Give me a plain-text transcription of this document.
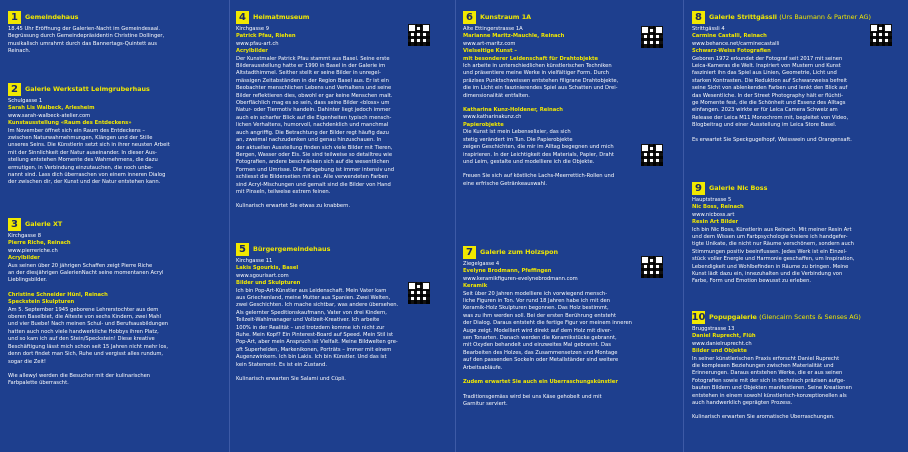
1	Gemeindehaus
18.45 Uhr Eröffnung der Galerien-Nacht im Gemeindesaal.
Begrüssung durch Gemeindepräsidentin Christine Dollinger,
musikalisch umrahmt durch das Bannertags-Quintett aus
Reinach.
2	Galerie Werkstatt Leimgruberhaus
Schulgasse 1
Sarah Lis Walbeck, Arlesheim
www.sarah-walbeck-atelier.com
Kunstausstellung «Raum des Entdeckens»
Im November öffnet sich ein Raum des Entdeckens –
zwischen Naturwahrnehmungen, Klängen und der Stille
unseres Seins. Die Künstlerin setzt sich in ihrer neusten Arbeit
mit der Sinnlichkeit der Natur auseinander. In dieser Aus-
stellung entstehen Momente des Wahrnehmens, die dazu
ermutigen, in Verbindung einzutauchen, die noch unbe-
nannt sind. Lass dich überraschen von einem inneren Dialog
der zwischen dir, der Kunst und der Natur entstehen kann.
3	Galerie XT
Kirchgasse 8
Pierre Riche, Reinach
www.pierreriche.ch
Acrylbilder
Aus seinen über 20 jährigen Schaffen zeigt Pierre Riche
an der diesjährigen GalerienNacht seine momentanen Acryl
Lieblingsbilder.
Christine Schneider Hünl, Reinach
Speckstein Skulpturen
Am 5. September 1945 geborene Lehrerstochter aus dem
oberen Baselbiet, die Älteste von sechs Kindern, zwei Mahl
und vier Buebe! Nach meinen Schul- und Berufsausbildungen
hatten auch noch viele handwerkliche Hobbys ihren Platz,
und so kam ich auf den Stein/Speckstein! Diese kreative
Beschäftigung lässt mich schon seit 15 Jahren nicht mehr los,
denn dort findet man Sich, Ruhe und vergisst alles rundum,
sogar die Zeit!
Wie allewyl werden die Besucher mit der kulinarischen
Farbpalette überrascht.
4	Heimatmuseum
Kirchgasse 9
Patrick Pfau, Riehen
www.pfau-art.ch
Acrylbilder
Der Kunstmaler Patrick Pfau stammt aus Basel. Seine erste
Bilderausstellung hatte er 1990 in Basel in der Galerie im
Altstadthimmel. Seither stellt er seine Bilder in unregel-
mässigen Zeitabständen in der Region Basel aus. Er ist ein
Beobachter menschlichen Lebens und Verhaltens und seine
Bilder reflektieren dies, obwohl er gar keine Menschen malt.
Oberflächlich mag es so sein, dass seine Bilder «bloss» um
Natur- oder Tiermotiv handeln. Dahinter liegt jedoch immer
auch ein scharfer Blick auf die Eigenheiten typisch mensch-
lichen Verhaltens, humorvoll, nachdenklich und manchmal
auch angriffig. Die Betrachtung der Bilder regt häufig dazu
an, zweimal nachzudenken und genau hinzuschauen. In
der aktuellen Ausstellung finden sich viele Bilder mit Tieren,
Bergen, Wasser oder Eis. Sie sind teilweise so detailtreu wie
Fotografien, andere beschränken sich auf die wesentlichen
Formen und Umrisse. Die Farbgebung ist immer intensiv und
schliesst die Bildersetien mit ein. Alle verwendeten Farben
sind Acryl-Mischungen und gemalt sind die Bilder von Hand
mit Pinseln, teilweise extrem feinen.
Kulinarisch erwartet Sie etwas zu knabbern.
5	Bürgergemeindehaus
Kirchgasse 11
Lakis Sgourkis, Basel
www.sgourisart.com
Bilder und Skulpturen
Ich bin Pop-Art-Künstler aus Leidenschaft. Mein Vater kam
aus Griechenland, meine Mutter aus Spanien. Zwei Welten,
zwei Geschichten. Ich mache sichtbar, was andere übersehen.
Als gelernter Speditionskaufmann, Vater von drei Kindern,
Teilzeit-Wahlmanager und Vollzeit-Kreativer. Ich arbeite
100% in der Realität – und trotzdem komme ich nicht zur
Ruhe. Mein Kopf? Ein Pinterest-Board auf Speed. Mein Stil ist
Pop-Art, aber mein Anspruch ist Vielfalt. Meine Bildwelten gre-
oft Superhelden, Markenikonen, Porträts – immer mit einem
Augenzwinkern. Ich bin Lakis. Ich bin Künstler. Und das ist
kein Statement. Es ist ein Zustand.
Kulinarisch erwarten Sie Salami und Cüpli.
6	Kunstraum 1A
Alte Ettingerstrasse 1A
Marianne Maritz-Mauchle, Reinach
www.art-maritz.com
Vielseitige Kunst –
mit besonderer Leidenschaft für Drahtobjekte
Ich arbeite in unterschiedlichen künstlerischen Techniken
und präsentiere meine Werke in vielfältiger Form. Durch
präzises Punktschweissen entstehen filigrane Drahtobjekte,
die im Licht ein faszinierendes Spiel aus Schatten und Drei-
dimensionalität entfalten.
Katharina Kunz-Holdener, Reinach
www.katharinakunz.ch
Papierobjekte
Die Kunst ist mein Lebenselixier, das sich
stetig verändert im Tun. Die Papierobjekte
zeigen Geschichten, die mir im Alltag begegnen und mich
inspirieren. In der Leichtigkeit des Materials, Papier, Draht
und Leim, gestalte und modelliere ich die Objekte.
Freuen Sie sich auf köstliche Lachs-Meerrettich-Rollen und
eine erfrische Getränkeauswahl.
7	Galerie zum Holzspon
Ziegelgasse 4
Evelyne Brodmann, Pfeffingen
www.keramikfiguren-evelynebrodmann.com
Keramik
Seit über 20 Jahren modelliere ich vorwiegend mensch-
liche Figuren in Ton. Vor rund 18 Jahren habe ich mit den
Keramik-Holz Skulpturen begonnen. Das Holz bestimmt,
was zu ihm werden soll. Bei der ersten Berührung entsteht
der Dialog. Daraus entsteht die fertige Figur vor meinem inneren
Auge zeigt. Modelliert wird direkt auf dem Holz mit diver-
sen Tonarten. Danach werden die Keramikstücke gebrannt,
mit Oxyden behandelt und einzweites Mal gebrannt. Das
Bearbeiten des Holzes, das Zusammensetzen und Montage
auf den passenden Sockeln oder Metallständer sind weitere
Arbeitsabläufe.
Zudem erwartet Sie auch ein Überraschungskünstler
Traditionsgemäss wird bei uns Käse gehobelt und mit
Garnitur serviert.
8	Galerie Strittgässli (Urs Baumann & Partner AG)
Strittgässli 4
Carmine Castalli, Reinach
www.behance.net/carminecastalli
Schwarz-Weiss Fotografien
Geboren 1972 erkundet der Fotograf seit 2017 mit seinen
Leica-Kameras die Welt. Inspiriert von Mustern und Kunst
fasziniert ihn das Spiel aus Linien, Geometrie, Licht und
starken Kontrasten. Die Reduktion auf Schwarzweiss befreit
seine Sicht von ablenkenden Farben und lenkt den Blick auf
das Wesentliche. In der Street Photography hält er flüchti-
ge Momente fest, die die Schönheit und Essenz des Alltags
einfangen. 2023 wirkte er für Leica Camera Schweiz am
Release der Leica M11 Monochrom mit, begleitet von Video,
Blogbeitrag und einer Ausstellung im Leica Store Basel.
Es erwartet Sie Speckgugelhopf, Weisswein und Orangensaft.
9	Galerie Nic Boss
Hauptstrasse 5
Nic Boss, Reinach
www.nicboss.art
Resin Art Bilder
Ich bin Nic Boss, Künstlerin aus Reinach. Mit meiner Resin Art
und dem Wissen um Farbpsychologie kreiere ich handgefer-
tigte Unikate, die nicht nur Räume verschönern, sondern auch
Stimmungen positiv beeinflussen. Jedes Werk ist ein Einzel-
stück voller Energie und Harmonie geschaffen, um Inspiration,
Lebendigkeit und Wohlbefinden in Räume zu bringen. Meine
Kunst lädt dazu ein, innezuhalten und die Verbindung von
Farbe, Form und Emotion bewusst zu erleben.
10 Popupgalerie (Glencairn Scents & Senses AG)
Bruggstrasse 13
Daniel Ruprecht, Flüh
www.danielruprecht.ch
Bilder und Objekte
In seiner künstlerischen Praxis erforscht Daniel Ruprecht
die komplexen Beziehungen zwischen Materialität und
Erinnerungen. Daraus entstehen Werke, die er aus seinen
Fotografien sowie mit der sich in technisch präzisen aufge-
bauten Bildern und Objekten manifestieren. Seine Kreationen
entstehen in einem sowohl künstlerisch-konzeptionellen als
auch handwerklich geprägten Prozess.
Kulinarisch erwarten Sie aromatische Überraschungen.
